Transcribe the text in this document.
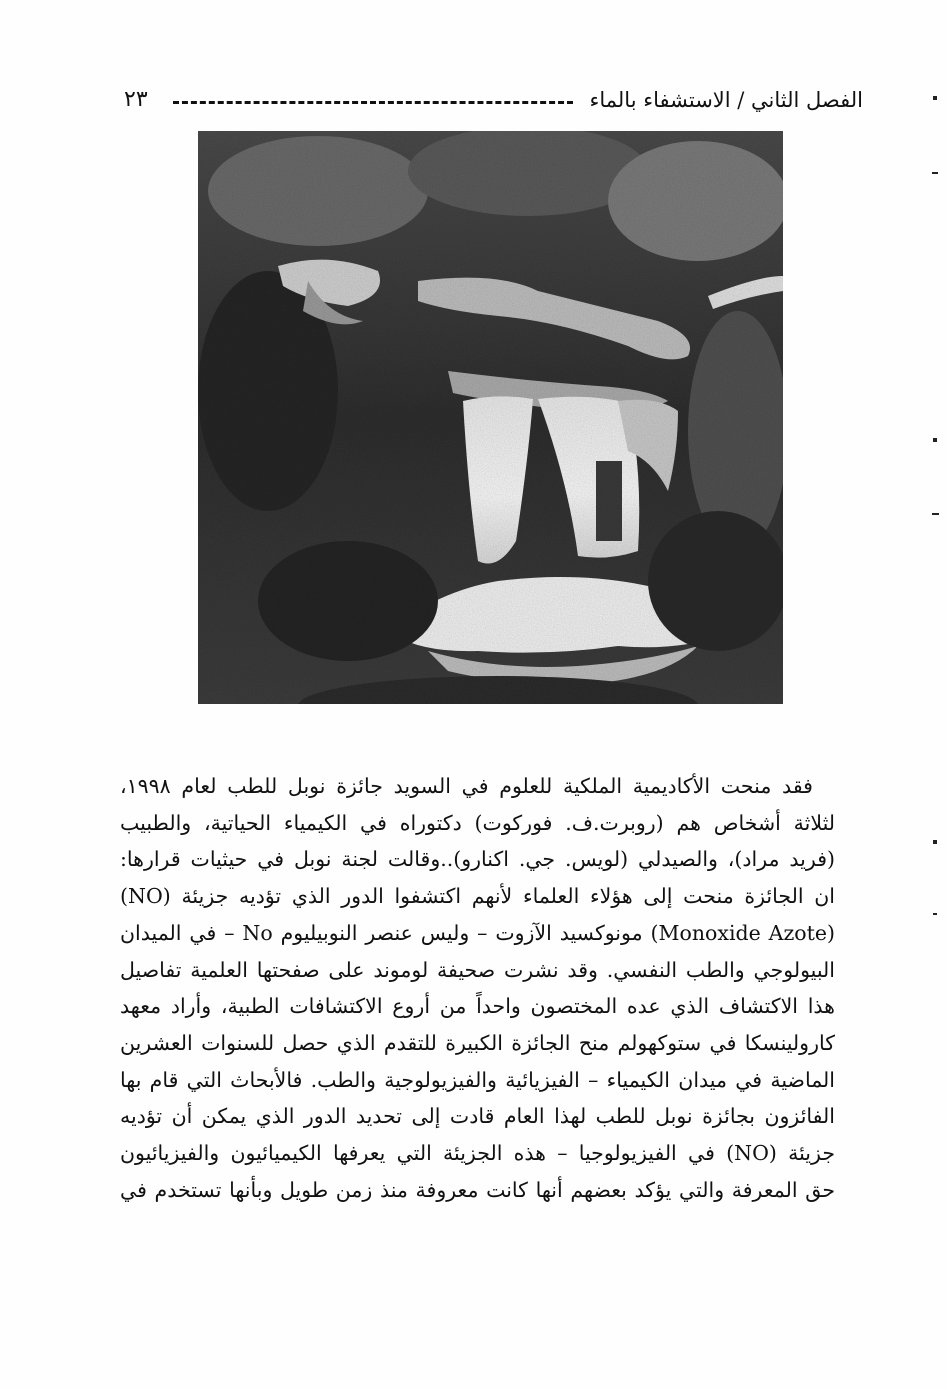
الفصل الثاني / الاستشفاء بالماء
٢٣
فقد منحت الأكاديمية الملكية للعلوم في السويد جائزة نوبل للطب لعام ١٩٩٨،
لثلاثة أشخاص هم (روبرت.ف. فوركوت) دكتوراه في الكيمياء الحياتية، والطبيب
(فريد مراد)، والصيدلي (لويس. جي. اكنارو)..وقالت لجنة نوبل في حيثيات قرارها:
ان الجائزة منحت إلى هؤلاء العلماء لأنهم اكتشفوا الدور الذي تؤديه جزيئة (NO)
(Monoxide Azote) مونوكسيد الآزوت – وليس عنصر النوبيليوم No – في الميدان
البيولوجي والطب النفسي. وقد نشرت صحيفة لوموند على صفحتها العلمية تفاصيل
هذا الاكتشاف الذي عده المختصون واحداً من أروع الاكتشافات الطبية، وأراد معهد
كارولينسكا في ستوكهولم منح الجائزة الكبيرة للتقدم الذي حصل للسنوات العشرين
الماضية في ميدان الكيمياء – الفيزيائية والفيزيولوجية والطب. فالأبحاث التي قام بها
الفائزون بجائزة نوبل للطب لهذا العام قادت إلى تحديد الدور الذي يمكن أن تؤديه
جزيئة (NO) في الفيزيولوجيا – هذه الجزيئة التي يعرفها الكيميائيون والفيزيائيون
حق المعرفة والتي يؤكد بعضهم أنها كانت معروفة منذ زمن طويل وبأنها تستخدم في
